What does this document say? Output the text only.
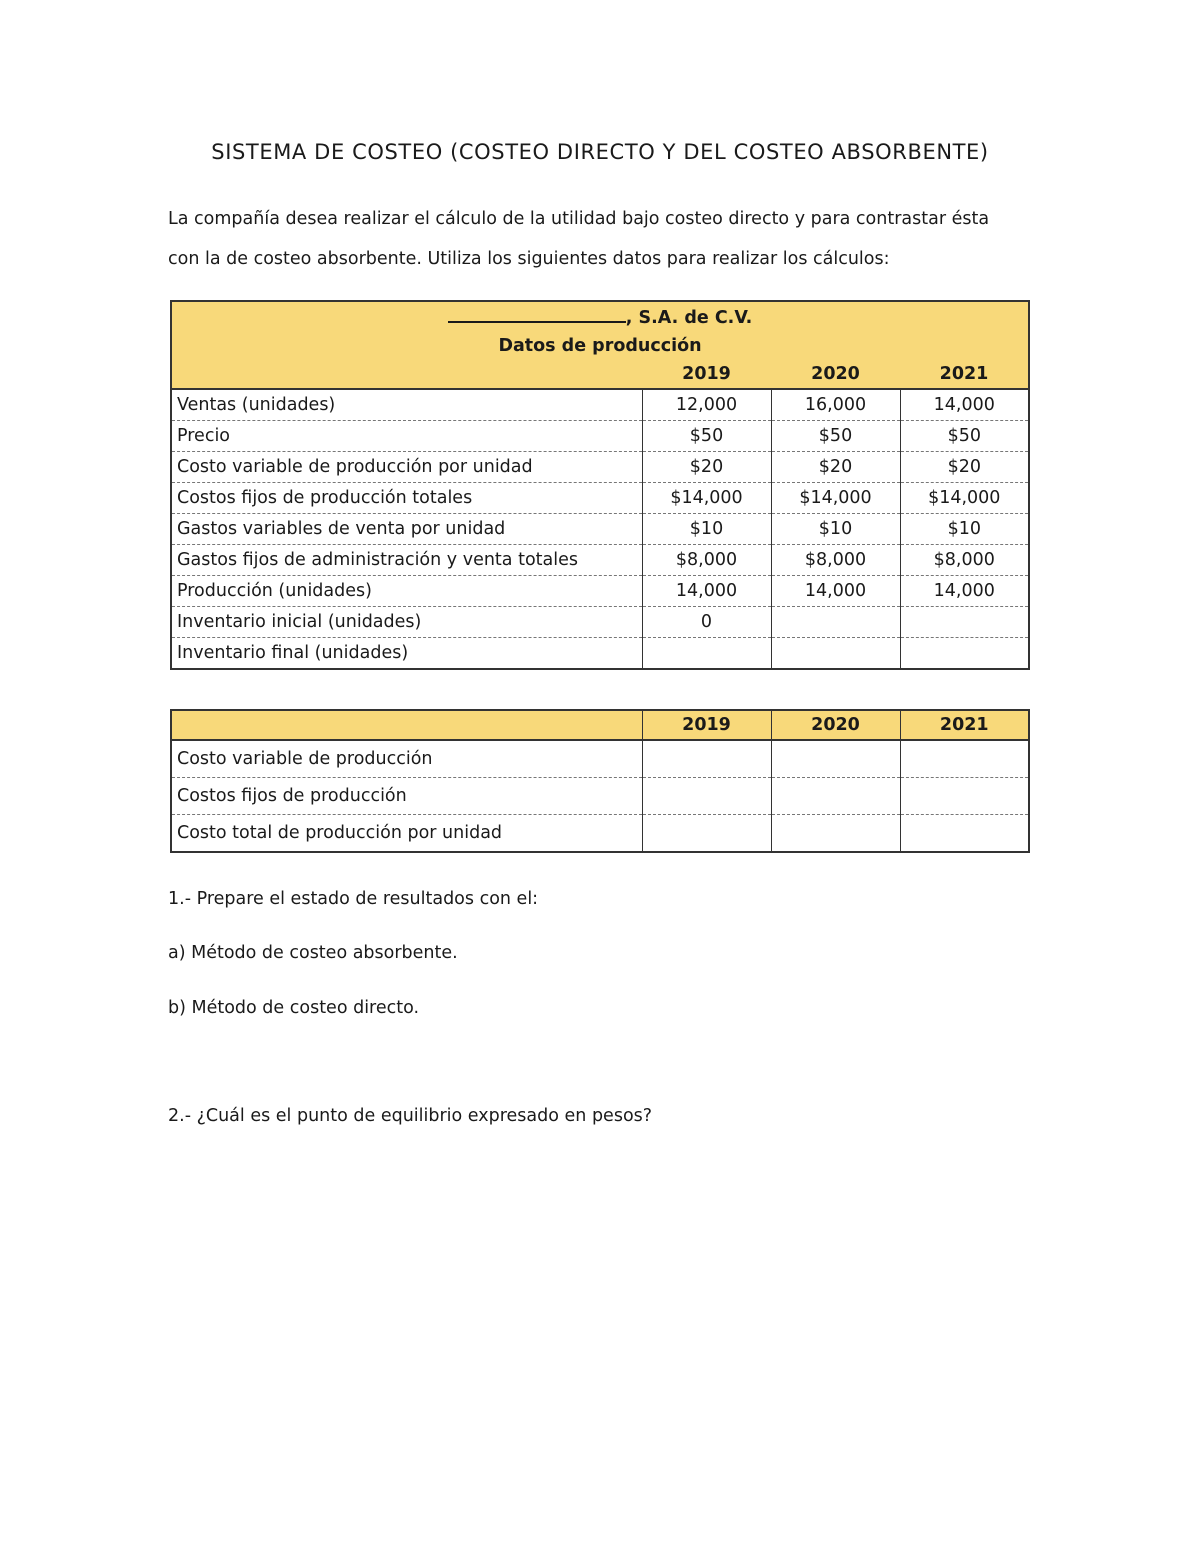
SISTEMA DE COSTEO (COSTEO DIRECTO Y DEL COSTEO ABSORBENTE)

La compañía desea realizar el cálculo de la utilidad bajo costeo directo y para contrastar ésta

con la de costeo absorbente. Utiliza los siguientes datos para realizar los cálculos:

, S.A. de C.V.			
Datos de producción			
	2019	2020	2021
Ventas (unidades)	12,000	16,000	14,000
Precio	$50	$50	$50
Costo variable de producción por unidad	$20	$20	$20
Costos fijos de producción totales	$14,000	$14,000	$14,000
Gastos variables de venta por unidad	$10	$10	$10
Gastos fijos de administración y venta totales	$8,000	$8,000	$8,000
Producción (unidades)	14,000	14,000	14,000
Inventario inicial (unidades)	0		
Inventario final (unidades)			
	2019	2020	2021
Costo variable de producción			
Costos fijos de producción			
Costo total de producción por unidad			

1.- Prepare el estado de resultados con el:

a) Método de costeo absorbente.

b) Método de costeo directo.

2.- ¿Cuál es el punto de equilibrio expresado en pesos?
